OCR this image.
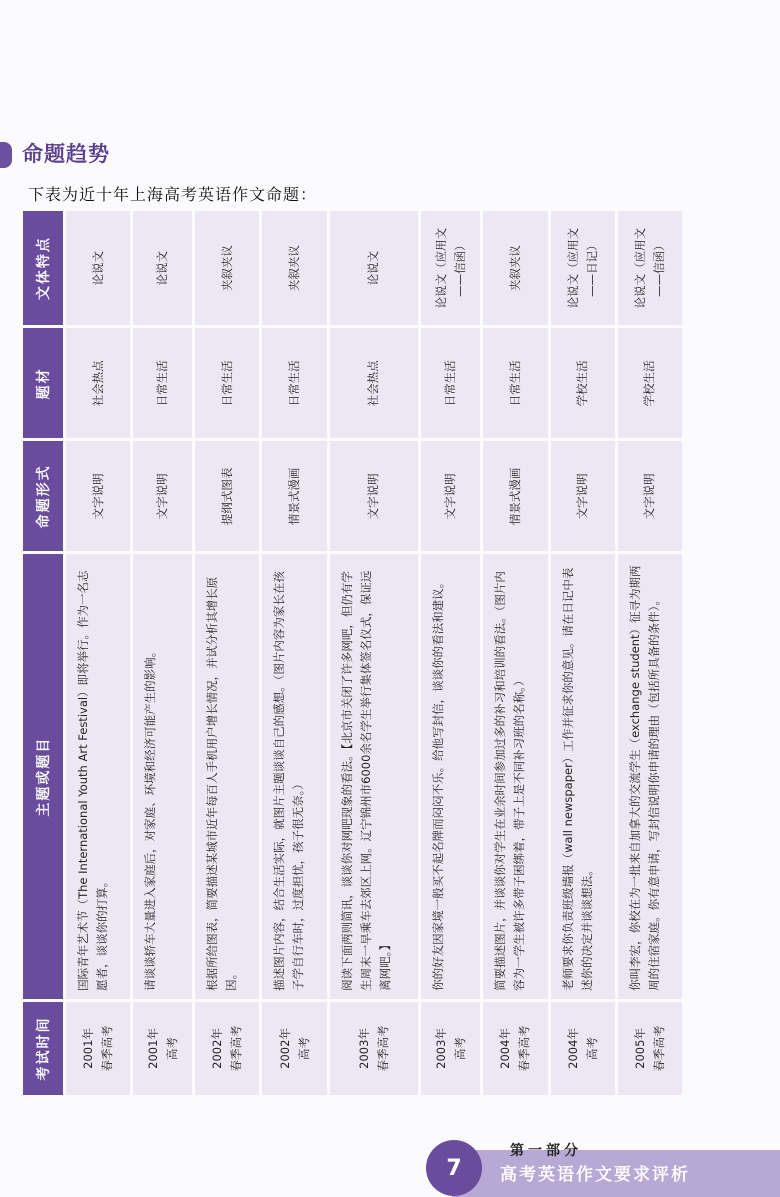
命题趋势
下表为近十年上海高考英语作文命题：
考试时间	主题或题目	命题形式	题材	文体特点
2001年
春季高考	国际青年艺术节（The International Youth Art Festival）即将举行。作为一名志愿者，谈谈你的打算。	文字说明	社会热点	论说文
2001年
高考	请谈谈轿车大量进入家庭后，对家庭、环境和经济可能产生的影响。	文字说明	日常生活	论说文
2002年
春季高考	根据所给图表，简要描述某城市近年每百人手机用户增长情况，并试分析其增长原因。	提纲式图表	日常生活	夹叙夹议
2002年
高考	描述图片内容，结合生活实际，就图片主题谈谈自己的感想。（图片内容为家长在孩子学自行车时，过度担忧，孩子很无奈。）	情景式漫画	日常生活	夹叙夹议
2003年
春季高考	阅读下面两则简讯，谈谈你对网吧现象的看法。【北京市关闭了许多网吧，但仍有学生周末一早乘车去郊区上网。辽宁锦州市6000余名学生举行集体签名仪式，保证远离网吧。】	文字说明	社会热点	论说文
2003年
高考	你的好友因家境一般买不起名牌而闷闷不乐。给他写封信，谈谈你的看法和建议。	文字说明	日常生活	论说文（应用文——信函）
2004年
春季高考	简要描述图片，并谈谈你对学生在业余时间参加过多的补习和培训的看法。（图片内容为一学生被许多带子困绑着，带子上是不同补习班的名称。）	情景式漫画	日常生活	夹叙夹议
2004年
高考	老师要求你负责班级墙报（wall newspaper）工作并征求你的意见。请在日记中表述你的决定并谈谈想法。	文字说明	学校生活	论说文（应用文——日记）
2005年
春季高考	你叫李宏，你校在为一批来自加拿大的交流学生（exchange student）征寻为期两周的住宿家庭。你有意申请，写封信说明你申请的理由（包括所具备的条件）。	文字说明	学校生活	论说文（应用文——信函）
7
第一部分
高考英语作文要求评析
